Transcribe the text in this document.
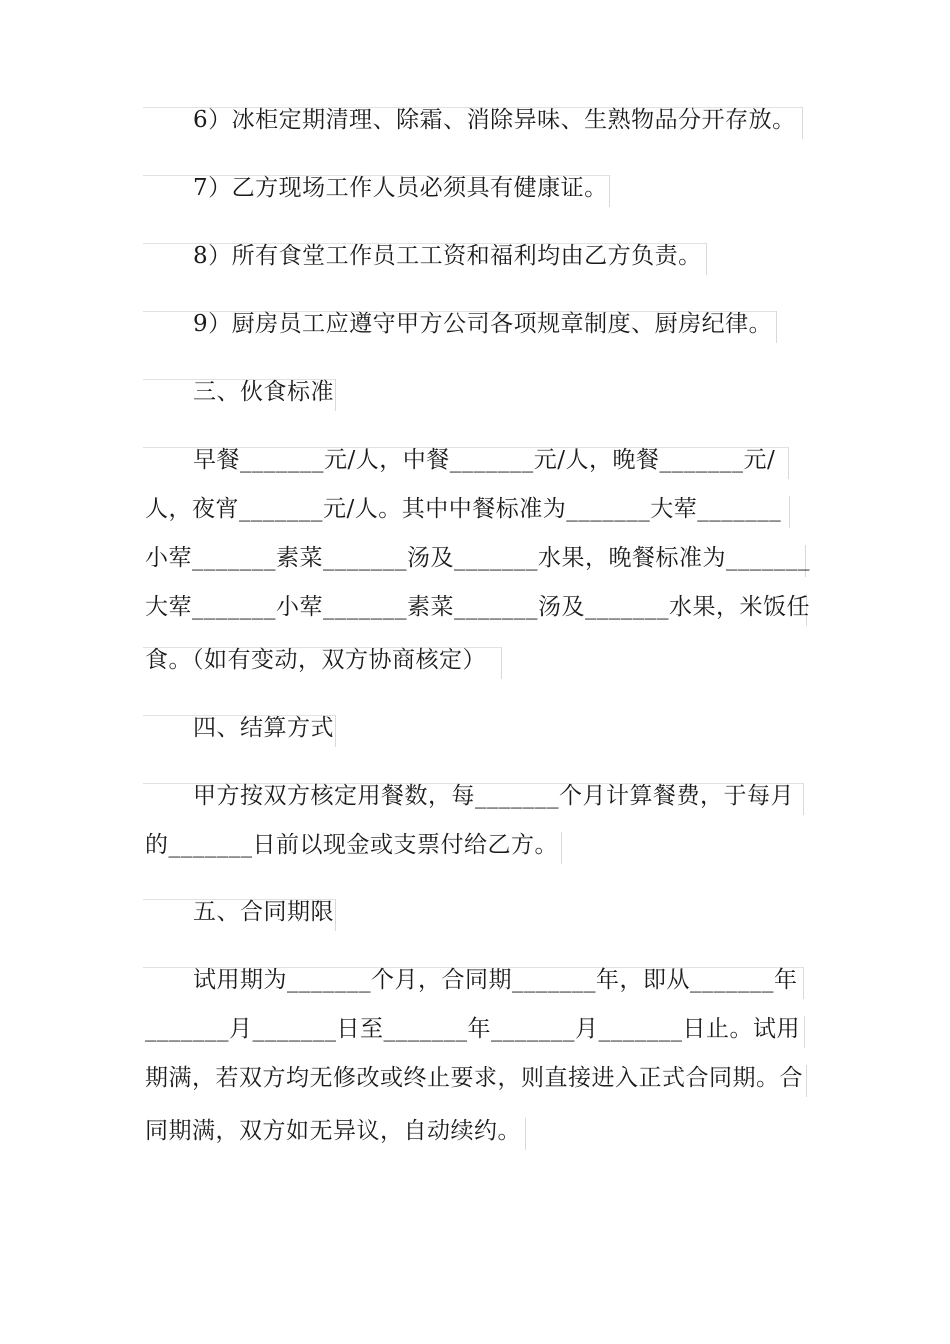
6）冰柜定期清理、除霜、消除异味、生熟物品分开存放。
7）乙方现场工作人员必须具有健康证。
8）所有食堂工作员工工资和福利均由乙方负责。
9）厨房员工应遵守甲方公司各项规章制度、厨房纪律。
三、伙食标准
早餐_______元/人，中餐_______元/人，晚餐_______元/
人，夜宵_______元/人。其中中餐标准为_______大荤_______
小荤_______素菜_______汤及_______水果，晚餐标准为_______
大荤_______小荤_______素菜_______汤及_______水果，米饭任
食。（如有变动，双方协商核定）
四、结算方式
甲方按双方核定用餐数，每_______个月计算餐费，于每月
的_______日前以现金或支票付给乙方。
五、合同期限
试用期为_______个月，合同期_______年，即从_______年
_______月_______日至_______年_______月_______日止。试用
期满，若双方均无修改或终止要求，则直接进入正式合同期。合
同期满，双方如无异议，自动续约。
